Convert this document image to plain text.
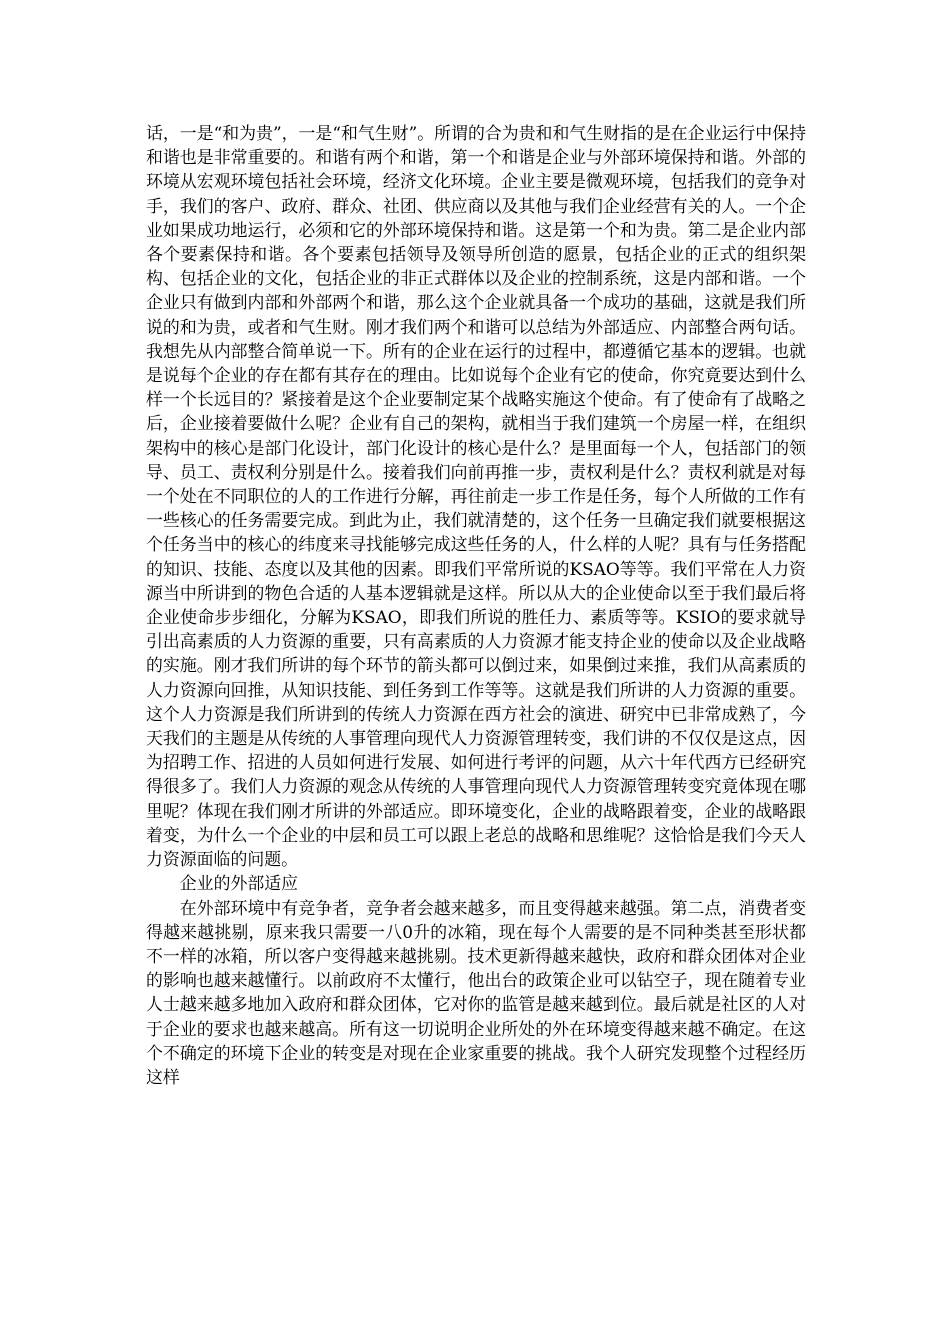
话，一是“和为贵”，一是“和气生财”。所谓的合为贵和和气生财指的是在企业运行中保持和谐也是非常重要的。和谐有两个和谐，第一个和谐是企业与外部环境保持和谐。外部的环境从宏观环境包括社会环境，经济文化环境。企业主要是微观环境，包括我们的竞争对手，我们的客户、政府、群众、社团、供应商以及其他与我们企业经营有关的人。一个企业如果成功地运行，必须和它的外部环境保持和谐。这是第一个和为贵。第二是企业内部各个要素保持和谐。各个要素包括领导及领导所创造的愿景，包括企业的正式的组织架构、包括企业的文化，包括企业的非正式群体以及企业的控制系统，这是内部和谐。一个企业只有做到内部和外部两个和谐，那么这个企业就具备一个成功的基础，这就是我们所说的和为贵，或者和气生财。刚才我们两个和谐可以总结为外部适应、内部整合两句话。我想先从内部整合简单说一下。所有的企业在运行的过程中，都遵循它基本的逻辑。也就是说每个企业的存在都有其存在的理由。比如说每个企业有它的使命，你究竟要达到什么样一个长远目的？紧接着是这个企业要制定某个战略实施这个使命。有了使命有了战略之后，企业接着要做什么呢？企业有自己的架构，就相当于我们建筑一个房屋一样，在组织架构中的核心是部门化设计，部门化设计的核心是什么？是里面每一个人，包括部门的领导、员工、责权利分别是什么。接着我们向前再推一步，责权利是什么？责权利就是对每一个处在不同职位的人的工作进行分解，再往前走一步工作是任务，每个人所做的工作有一些核心的任务需要完成。到此为止，我们就清楚的，这个任务一旦确定我们就要根据这个任务当中的核心的纬度来寻找能够完成这些任务的人，什么样的人呢？具有与任务搭配的知识、技能、态度以及其他的因素。即我们平常所说的KSAO等等。我们平常在人力资源当中所讲到的物色合适的人基本逻辑就是这样。所以从大的企业使命以至于我们最后将企业使命步步细化，分解为KSAO，即我们所说的胜任力、素质等等。KSIO的要求就导引出高素质的人力资源的重要，只有高素质的人力资源才能支持企业的使命以及企业战略的实施。刚才我们所讲的每个环节的箭头都可以倒过来，如果倒过来推，我们从高素质的人力资源向回推，从知识技能、到任务到工作等等。这就是我们所讲的人力资源的重要。这个人力资源是我们所讲到的传统人力资源在西方社会的演进、研究中已非常成熟了，今天我们的主题是从传统的人事管理向现代人力资源管理转变，我们讲的不仅仅是这点，因为招聘工作、招进的人员如何进行发展、如何进行考评的问题，从六十年代西方已经研究得很多了。我们人力资源的观念从传统的人事管理向现代人力资源管理转变究竟体现在哪里呢？体现在我们刚才所讲的外部适应。即环境变化，企业的战略跟着变，企业的战略跟着变，为什么一个企业的中层和员工可以跟上老总的战略和思维呢？这恰恰是我们今天人力资源面临的问题。

企业的外部适应

在外部环境中有竞争者，竞争者会越来越多，而且变得越来越强。第二点，消费者变得越来越挑剔，原来我只需要一八0升的冰箱，现在每个人需要的是不同种类甚至形状都不一样的冰箱，所以客户变得越来越挑剔。技术更新得越来越快，政府和群众团体对企业的影响也越来越懂行。以前政府不太懂行，他出台的政策企业可以钻空子，现在随着专业人士越来越多地加入政府和群众团体，它对你的监管是越来越到位。最后就是社区的人对于企业的要求也越来越高。所有这一切说明企业所处的外在环境变得越来越不确定。在这个不确定的环境下企业的转变是对现在企业家重要的挑战。我个人研究发现整个过程经历这样
